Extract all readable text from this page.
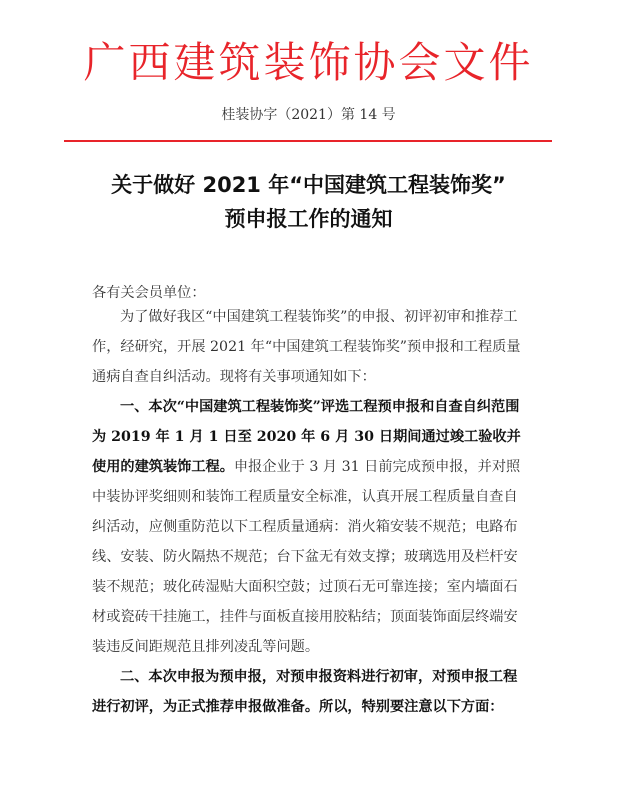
广西建筑装饰协会文件
桂装协字（2021）第 14 号
关于做好 2021 年“中国建筑工程装饰奖”
预申报工作的通知

各有关会员单位：

为了做好我区“中国建筑工程装饰奖”的申报、初评初审和推荐工作，经研究，开展 2021 年“中国建筑工程装饰奖”预申报和工程质量通病自查自纠活动。现将有关事项通知如下：

一、本次“中国建筑工程装饰奖”评选工程预申报和自查自纠范围为 2019 年 1 月 1 日至 2020 年 6 月 30 日期间通过竣工验收并使用的建筑装饰工程。申报企业于 3 月 31 日前完成预申报，并对照中装协评奖细则和装饰工程质量安全标准，认真开展工程质量自查自纠活动，应侧重防范以下工程质量通病：消火箱安装不规范；电路布线、安装、防火隔热不规范；台下盆无有效支撑；玻璃选用及栏杆安装不规范；玻化砖湿贴大面积空鼓；过顶石无可靠连接；室内墙面石材或瓷砖干挂施工，挂件与面板直接用胶粘结；顶面装饰面层终端安装违反间距规范且排列凌乱等问题。

二、本次申报为预申报，对预申报资料进行初审，对预申报工程进行初评，为正式推荐申报做准备。所以，特别要注意以下方面：
